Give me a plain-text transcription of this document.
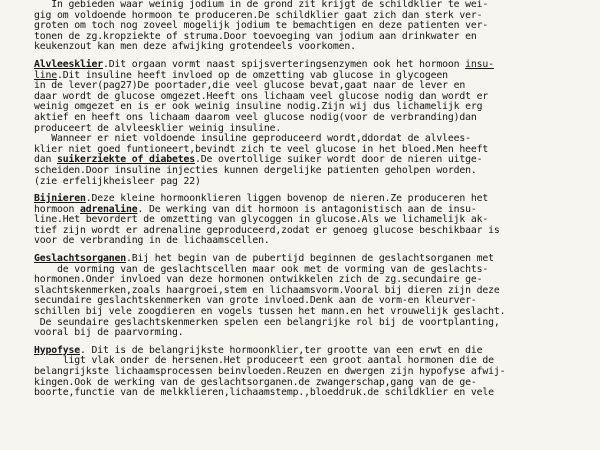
In gebieden waar weinig jodium in de grond zit krijgt de schildklier te wei-
gig om voldoende hormoon te produceren.De schildklier gaat zich dan sterk ver-
groten om toch nog zoveel mogelijk jodium te bemachtigen en deze patienten ver-
tonen de zg.kropziekte of struma.Door toevoeging van jodium aan drinkwater en
keukenzout kan men deze afwijking grotendeels voorkomen.
Alvleesklier.Dit orgaan vormt naast spijsverteringsenzymen ook het hormoon insu-
line.Dit insuline heeft invloed op de omzetting vab glucose in glycogeen
in de lever(pag27)De poortader,die veel glucose bevat,gaat naar de lever en
daar wordt de glucose omgezet.Heeft ons lichaam veel glucose nodig dan wordt er
weinig omgezet en is er ook weinig insuline nodig.Zijn wij dus lichamelijk erg
aktief en heeft ons lichaam daarom veel glucose nodig(voor de verbranding)dan
produceert de alvleesklier weinig insuline.
Wanneer er niet voldoende insuline geproduceerd wordt,ddordat de alvlees-
klier niet goed funtioneert,bevindt zich te veel glucose in het bloed.Men heeft
dan suikerziekte of diabetes.De overtollige suiker wordt door de nieren uitge-
scheiden.Door insuline injecties kunnen dergelijke patienten geholpen worden.
(zie erfelijkheisleer pag 22)
Bijnieren.Deze kleine hormoonklieren liggen bovenop de nieren.Ze produceren het
hormoon adrenaline. De werking van dit hormoon is antagonistisch aan de insu-
line.Het bevordert de omzetting van glycoggen in glucose.Als we lichamelijk ak-
tief zijn wordt er adrenaline geproduceerd,zodat er genoeg glucose beschikbaar is
voor de verbranding in de lichaamscellen.
Geslachtsorganen.Bij het begin van de pubertijd beginnen de geslachtsorganen met
de vorming van de geslachtscellen maar ook met de vorming van de geslachts-
hormonen.Onder invloed van deze hormonen ontwikkelen zich de zg.secundaire ge-
slachtskenmerken,zoals haargroei,stem en lichaamsvorm.Vooral bij dieren zijn deze
secundaire geslachtskenmerken van grote invloed.Denk aan de vorm-en kleurver-
schillen bij vele zoogdieren en vogels tussen het mann.en het vrouwelijk geslacht.
De seundaire geslachtskenmerken spelen een belangrijke rol bij de voortplanting,
vooral bij de paarvorming.
Hypofyse. Dit is de belangrijkste hormoonklier,ter grootte van een erwt en die
ligt vlak onder de hersenen.Het produceert een groot aantal hormonen die de
belangrijkste lichaamsprocessen beinvloeden.Reuzen en dwergen zijn hypofyse afwij-
kingen.Ook de werking van de geslachtsorganen.de zwangerschap,gang van de ge-
boorte,functie van de melkklieren,lichaamstemp.,bloeddruk.de schildklier en vele
